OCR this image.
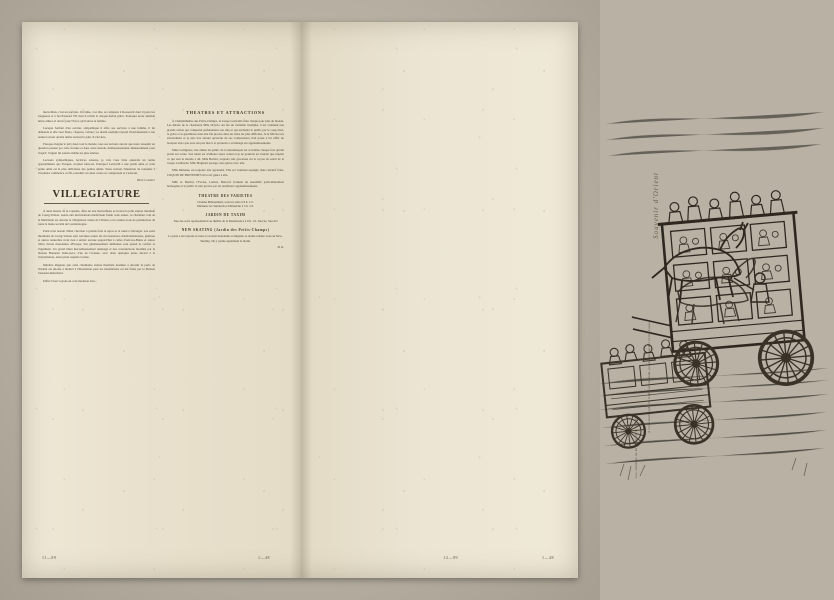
merveillais, c'est un parfaite. Il n'aime, à sa tête, se comparer à Roosevelt dont il porte les longueurs et à feu Édouard VII dont il révèle la chaque mélan grâce. Pourquoi notre aimable héros aime-t-il tant le jazz? Parce qu'il adore la femme.

Lorsque l'enfant d'un ouvrier, antipathique il offre ses services à une femme, il lui demande si elle veut fleurs, chapeau, voiture; Le destin exemple répond invariablement à son naturel ouvert qu'elle désire surtout le pain. Il s'écriera.

Presque éloigné le prix deux tout le monde, tous ses lecteurs auront que notre ressentir en question pensée par cette fortune et dans notre monde, malheureusement démesurément pour l'esprit; l'argent lui sourire même les plus amères.

Lecteurs sympathiques, lectrices adorées, je vais vous faire entendre un terme apparemment que Perquer, écoutez bien-soi, Pourquoi Letricelli a une petite amie et cette petite amie est la plus délicieuse des petites amies. Nous savions l'intention de ressemer à l'aventure commence ce fût, ressemit ces deux cœurs se comprenant et s'adorant.

Henri Castier
VILLEGIATURE

À deux heures de la Capitale, dans un site merveilleux se trouve la jolie station thermale de Courg-Valzon. Genre aux incrustations médicinale foisin cette année, ce charmant coin de la Marimaile est devenu le villégiature vénux de l'Orient, et le rendez-vous de prédilection de toute la haute société de Cosmétologue.

Point n'est besoin d'aller chercher à grands frais le repos et la santé à l'étranger. Les eaux thermales de Courg-Valzon sont certaines toutes les circonstances, médicamenteuses, guérisse et autres naturelles n'ont rien à envier aucune aujourd'hui à celles d'Aix-les-Bains et autres villes d'eaux mondaines d'Europe. Sur généreusement ambiantes sont quand le confort et l'agrément. Un grand hôtel merveilleusement aménagé et des constructions modèles par la maison Bonneau Saint-Gers, d'un de l'avenue, avec deux quelques pures devant à la l'exploitation, ainsi qu'un superbe Casino.

Imitable élégante que cette charmante station thermale destinée à devenir la perle de l'Orient est pilotée à bientôt à l'illustration peut les installations est été faites par la Maison Saussure-Reluchard.

Enfin l'avez voyons un coin moderne loin...

THEATRES ET ATTRACTIONS

À l'Amphithéâtre des Petits-Champs, la troupe Letricelli attire chaque jour plus de monde. Les débuts de la charmante Mlle Oriyvta ont été un véritable triomphe. C'est vraiment une grande artiste qui comprend parfaitement son rôle et qui enchante le public par le coup êtrol, la grâce et la gentillesse dont elle fait prouve dans les rôles les plus difficiles. Je le félicite très sincèrement et je suis très étonné qu'aucun de ses compatriotes n'ait passé à lui offrir un bouquet alors que tous ont pris merci et qu'aucun a si ménagé ses applaudissements.

Mme Galligonte, très aimée du public de Constantinople est acclamée chaque fois qu'elle parait sur scène. Son talent est d'ailleurs assez connu et je ne pourrais en s'autant que répéter ce qui tout le monde a dit. Mlle Bertini, toujours très gracieuse est le voyou de soleil de la troupe Lombarde; Mlle Maglioni partage cette gloire avec elle.

Mlle Imilenko est toujours très applaudie. Elle est vraiment espiègle dans certains rôles, COQUIN DE PRINTEMPS m'a ravi guère à elle.

MM. A. Bertini, l'Yvoise, Lomori, Bertacci forment un ensemble particulièrement homogène et le public le leur prouve par les nombreux applaudissements.

THEATRE DES VARIETES
Cinéma Phénoménal, tous les soirs à 9 h. 1/2.
Matinées les Vendredi et Dimanche à 3 h. 1/2.
JARDIN DE TAXIM
Tous les soirs représentation au théâtre de la Renaissance à 9 h. 1/2. Succès, Succès!
NEW SKATING (Jardin des Petits-Champs)
La piste a été réparée et toute la société mondaine et élégante se donne rendez-vous au New-Skating. On y patine également le matin.
B. K.
11—89	1—48
Souvenir d'Orient
Les omnibus de la Corne-d'Or en 1880
A Constantinople le tramway animale portait un cachet pittoresque
12—89	1—48
